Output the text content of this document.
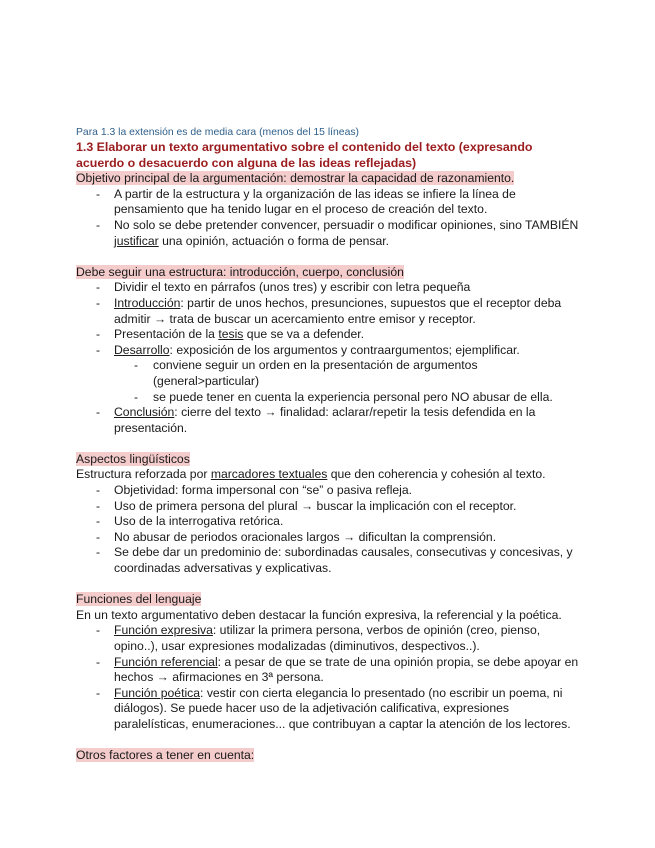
Para 1.3 la extensión es de media cara (menos del 15 líneas)

1.3 Elaborar un texto argumentativo sobre el contenido del texto (expresando acuerdo o desacuerdo con alguna de las ideas reflejadas)

Objetivo principal de la argumentación: demostrar la capacidad de razonamiento.

- A partir de la estructura y la organización de las ideas se infiere la línea de pensamiento que ha tenido lugar en el proceso de creación del texto.
- No solo se debe pretender convencer, persuadir o modificar opiniones, sino TAMBIÉN justificar una opinión, actuación o forma de pensar.

Debe seguir una estructura: introducción, cuerpo, conclusión

- Dividir el texto en párrafos (unos tres) y escribir con letra pequeña
- Introducción: partir de unos hechos, presunciones, supuestos que el receptor deba admitir → trata de buscar un acercamiento entre emisor y receptor.
- Presentación de la tesis que se va a defender.
- Desarrollo: exposición de los argumentos y contraargumentos; ejemplificar.
- conviene seguir un orden en la presentación de argumentos (general>particular)
- se puede tener en cuenta la experiencia personal pero NO abusar de ella.
- Conclusión: cierre del texto → finalidad: aclarar/repetir la tesis defendida en la presentación.

Aspectos lingüísticos

Estructura reforzada por marcadores textuales que den coherencia y cohesión al texto.

- Objetividad: forma impersonal con “se” o pasiva refleja.
- Uso de primera persona del plural → buscar la implicación con el receptor.
- Uso de la interrogativa retórica.
- No abusar de periodos oracionales largos → dificultan la comprensión.
- Se debe dar un predominio de: subordinadas causales, consecutivas y concesivas, y coordinadas adversativas y explicativas.

Funciones del lenguaje

En un texto argumentativo deben destacar la función expresiva, la referencial y la poética.

- Función expresiva: utilizar la primera persona, verbos de opinión (creo, pienso, opino..), usar expresiones modalizadas (diminutivos, despectivos..).
- Función referencial: a pesar de que se trate de una opinión propia, se debe apoyar en hechos → afirmaciones en 3ª persona.
- Función poética: vestir con cierta elegancia lo presentado (no escribir un poema, ni diálogos). Se puede hacer uso de la adjetivación calificativa, expresiones paralelísticas, enumeraciones... que contribuyan a captar la atención de los lectores.

Otros factores a tener en cuenta:
